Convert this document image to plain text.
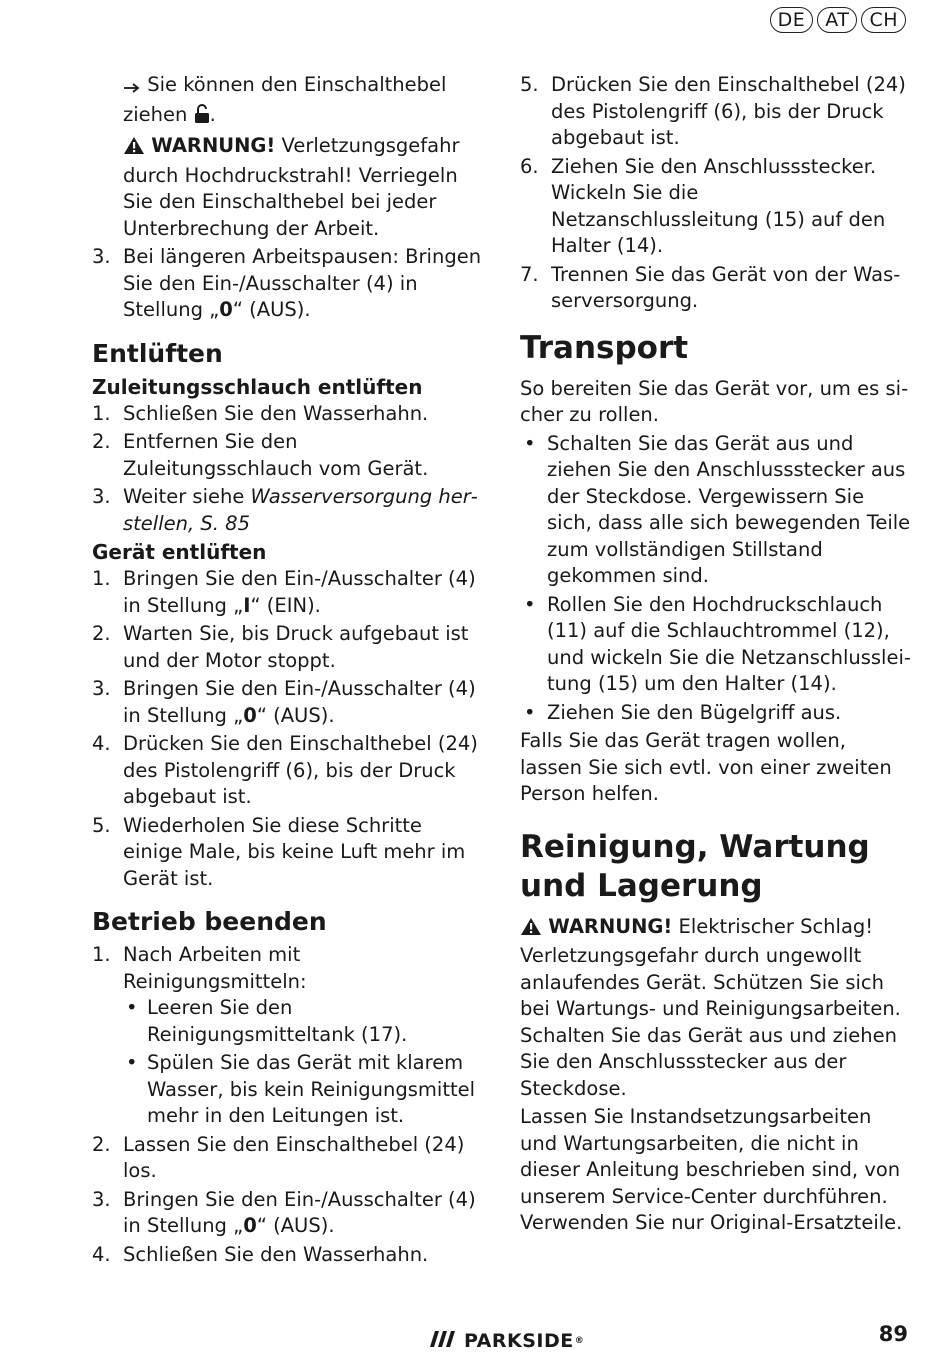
DE	AT	CH

Sie können den Einschalthebel ziehen .

WARNUNG! Verletzungsgefahr durch Hochdruckstrahl! Verriegeln Sie den Einschalthebel bei jeder Unterbrechung der Arbeit.

3. Bei längeren Arbeitspausen: Bringen Sie den Ein-/Ausschalter (4) in Stellung „0“ (AUS).
Entlüften
Zuleitungsschlauch entlüften
1. Schließen Sie den Wasserhahn.
2. Entfernen Sie den Zuleitungsschlauch vom Gerät.
3. Weiter siehe Wasserversorgung herstellen, S. 85
Gerät entlüften
1. Bringen Sie den Ein-/Ausschalter (4) in Stellung „I“ (EIN).
2. Warten Sie, bis Druck aufgebaut ist und der Motor stoppt.
3. Bringen Sie den Ein-/Ausschalter (4) in Stellung „0“ (AUS).
4. Drücken Sie den Einschalthebel (24) des Pistolengriff (6), bis der Druck abgebaut ist.
5. Wiederholen Sie diese Schritte einige Male, bis keine Luft mehr im Gerät ist.
Betrieb beenden
1. Nach Arbeiten mit Reinigungsmitteln:
• Leeren Sie den Reinigungsmitteltank (17).
• Spülen Sie das Gerät mit klarem Wasser, bis kein Reinigungsmittel mehr in den Leitungen ist.
2. Lassen Sie den Einschalthebel (24) los.
3. Bringen Sie den Ein-/Ausschalter (4) in Stellung „0“ (AUS).
4. Schließen Sie den Wasserhahn.
5. Drücken Sie den Einschalthebel (24) des Pistolengriff (6), bis der Druck abgebaut ist.
6. Ziehen Sie den Anschlussstecker. Wickeln Sie die Netzanschlussleitung (15) auf den Halter (14).
7. Trennen Sie das Gerät von der Wasserversorgung.
Transport

So bereiten Sie das Gerät vor, um es sicher zu rollen.

• Schalten Sie das Gerät aus und ziehen Sie den Anschlussstecker aus der Steckdose. Vergewissern Sie sich, dass alle sich bewegenden Teile zum vollständigen Stillstand gekommen sind.
• Rollen Sie den Hochdruckschlauch (11) auf die Schlauchtrommel (12), und wickeln Sie die Netzanschlussleitung (15) um den Halter (14).
• Ziehen Sie den Bügelgriff aus.

Falls Sie das Gerät tragen wollen, lassen Sie sich evtl. von einer zweiten Person helfen.

Reinigung, Wartung
und Lagerung

WARNUNG! Elektrischer Schlag! Verletzungsgefahr durch ungewollt anlaufendes Gerät. Schützen Sie sich bei Wartungs- und Reinigungsarbeiten. Schalten Sie das Gerät aus und ziehen Sie den Anschlussstecker aus der Steckdose.

Lassen Sie Instandsetzungsarbeiten und Wartungsarbeiten, die nicht in dieser Anleitung beschrieben sind, von unserem Service-Center durchführen. Verwenden Sie nur Original-Ersatzteile.

PARKSIDE ®	89
